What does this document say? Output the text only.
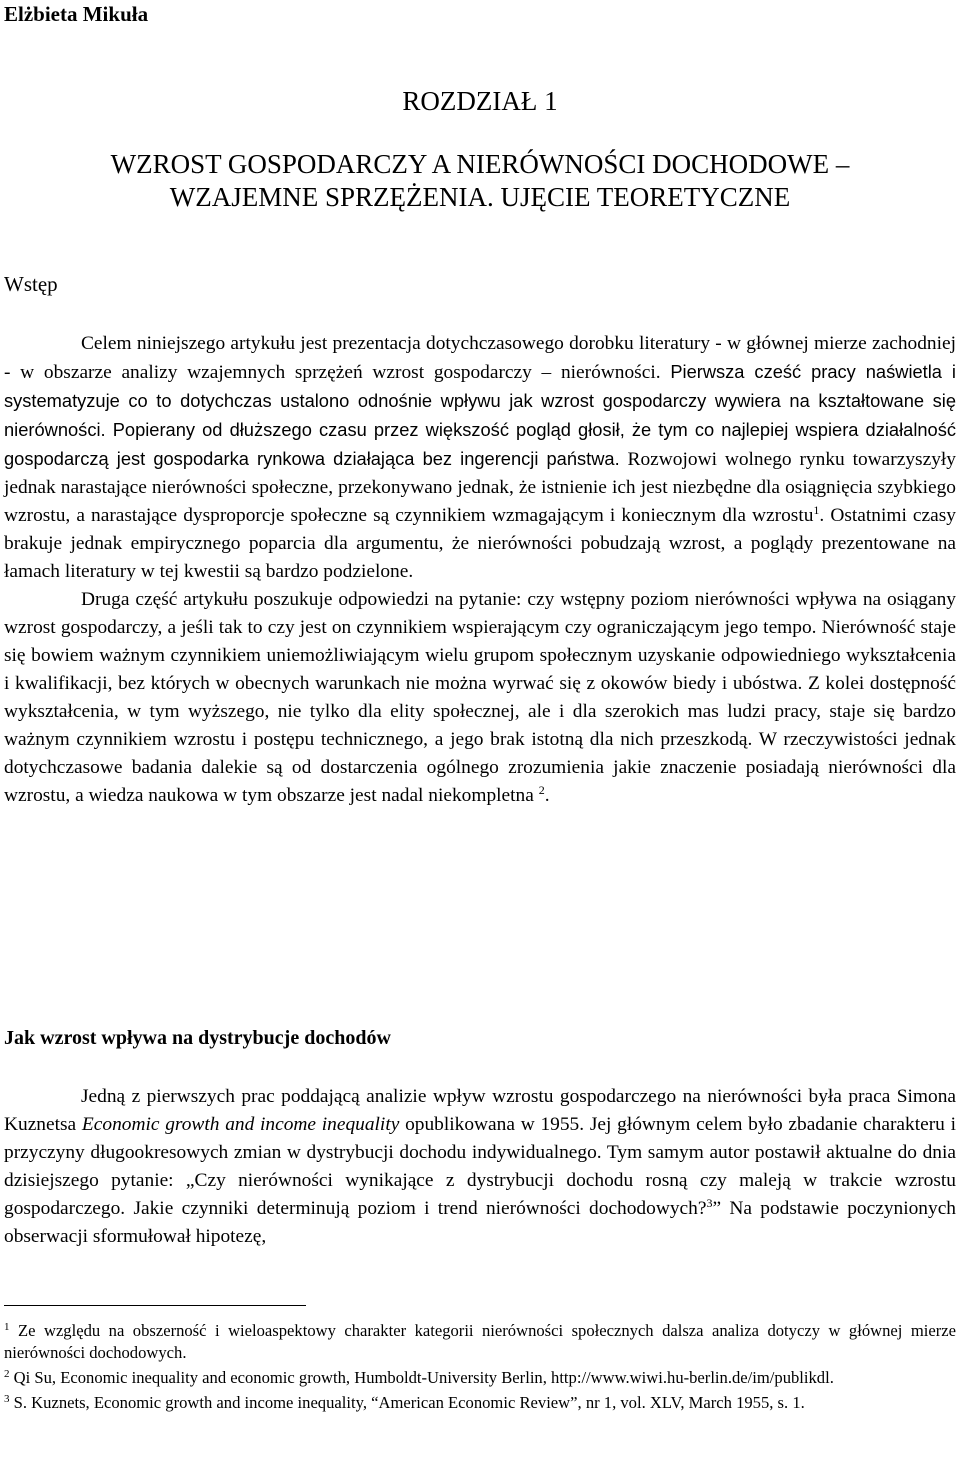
Elżbieta Mikuła
ROZDZIAŁ 1
WZROST GOSPODARCZY A NIERÓWNOŚCI DOCHODOWE –
WZAJEMNE SPRZĘŻENIA. UJĘCIE TEORETYCZNE
Wstęp

Celem niniejszego artykułu jest prezentacja dotychczasowego dorobku literatury - w głównej mierze zachodniej - w obszarze analizy wzajemnych sprzężeń wzrost gospodarczy – nierówności. Pierwsza cześć pracy naświetla i systematyzuje co to dotychczas ustalono odnośnie wpływu jak wzrost gospodarczy wywiera na kształtowane się nierówności. Popierany od dłuższego czasu przez większość pogląd głosił, że tym co najlepiej wspiera działalność gospodarczą jest gospodarka rynkowa działająca bez ingerencji państwa. Rozwojowi wolnego rynku towarzyszyły jednak narastające nierówności społeczne, przekonywano jednak, że istnienie ich jest niezbędne dla osiągnięcia szybkiego wzrostu, a narastające dysproporcje społeczne są czynnikiem wzmagającym i koniecznym dla wzrostu$^1$. Ostatnimi czasy brakuje jednak empirycznego poparcia dla argumentu, że nierówności pobudzają wzrost, a poglądy prezentowane na łamach literatury w tej kwestii są bardzo podzielone.

Druga część artykułu poszukuje odpowiedzi na pytanie: czy wstępny poziom nierówności wpływa na osiągany wzrost gospodarczy, a jeśli tak to czy jest on czynnikiem wspierającym czy ograniczającym jego tempo. Nierówność staje się bowiem ważnym czynnikiem uniemożliwiającym wielu grupom społecznym uzyskanie odpowiedniego wykształcenia i kwalifikacji, bez których w obecnych warunkach nie można wyrwać się z okowów biedy i ubóstwa. Z kolei dostępność wykształcenia, w tym wyższego, nie tylko dla elity społecznej, ale i dla szerokich mas ludzi pracy, staje się bardzo ważnym czynnikiem wzrostu i postępu technicznego, a jego brak istotną dla nich przeszkodą. W rzeczywistości jednak dotychczasowe badania dalekie są od dostarczenia ogólnego zrozumienia jakie znaczenie posiadają nierówności dla wzrostu, a wiedza naukowa w tym obszarze jest nadal niekompletna $^2$.

Jak wzrost wpływa na dystrybucje dochodów

Jedną z pierwszych prac poddającą analizie wpływ wzrostu gospodarczego na nierówności była praca Simona Kuznetsa Economic growth and income inequality opublikowana w 1955. Jej głównym celem było zbadanie charakteru i przyczyny długookresowych zmian w dystrybucji dochodu indywidualnego. Tym samym autor postawił aktualne do dnia dzisiejszego pytanie: „Czy nierówności wynikające z dystrybucji dochodu rosną czy maleją w trakcie wzrostu gospodarczego. Jakie czynniki determinują poziom i trend nierówności dochodowych?$^3$” Na podstawie poczynionych obserwacji sformułował hipotezę,

$^1$ Ze względu na obszerność i wieloaspektowy charakter kategorii nierówności społecznych dalsza analiza dotyczy w głównej mierze nierówności dochodowych.

$^2$ Qi Su, Economic inequality and economic growth, Humboldt-University Berlin, http://www.wiwi.hu-berlin.de/im/publikdl.

$^3$ S. Kuznets, Economic growth and income inequality, “American Economic Review”, nr 1, vol. XLV, March 1955, s. 1.
